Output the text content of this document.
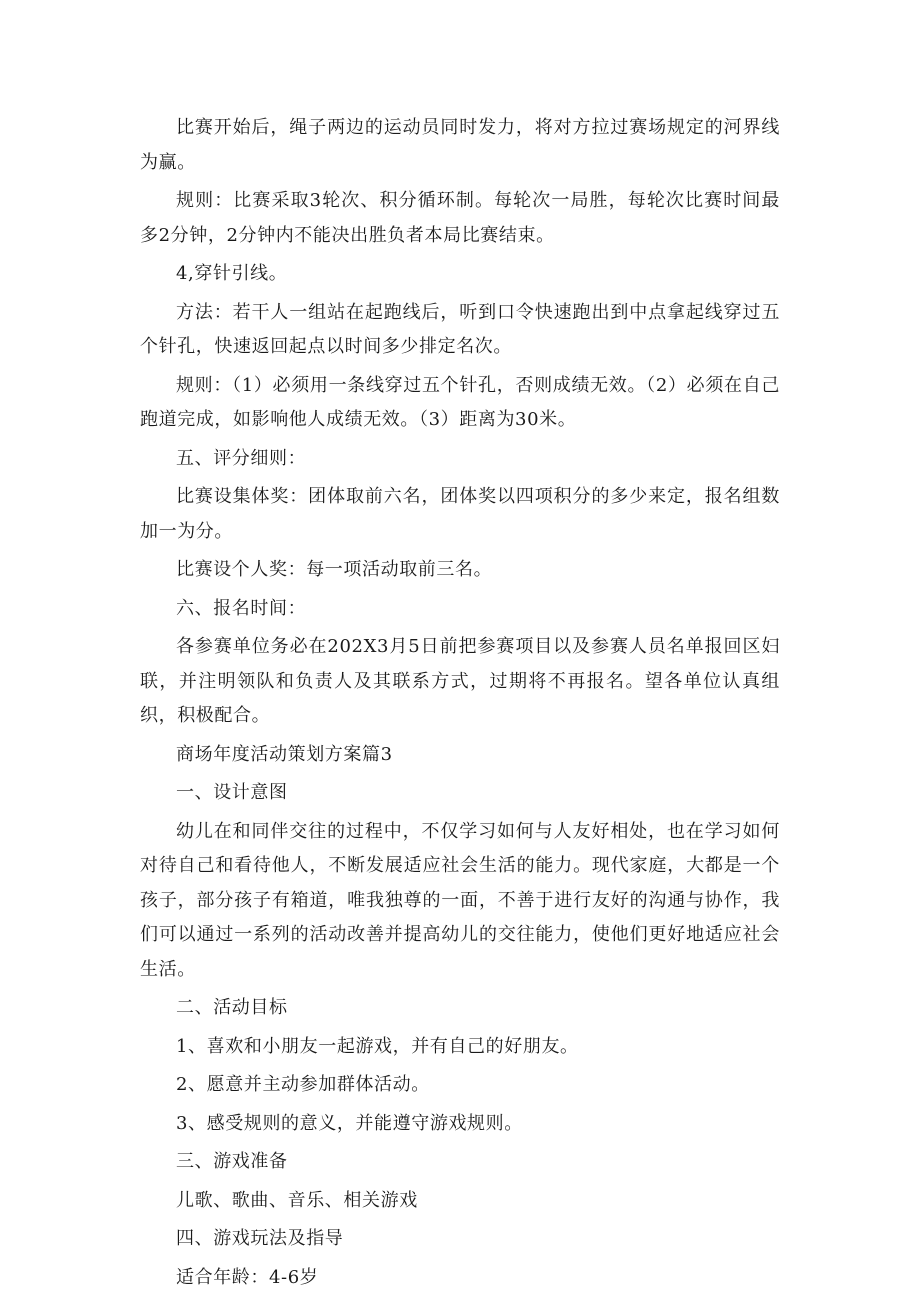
比赛开始后，绳子两边的运动员同时发力，将对方拉过赛场规定的河界线为赢。

规则：比赛采取3轮次、积分循环制。每轮次一局胜，每轮次比赛时间最多2分钟，2分钟内不能决出胜负者本局比赛结束。

4,穿针引线。

方法：若干人一组站在起跑线后，听到口令快速跑出到中点拿起线穿过五个针孔，快速返回起点以时间多少排定名次。

规则：（1）必须用一条线穿过五个针孔，否则成绩无效。（2）必须在自己跑道完成，如影响他人成绩无效。（3）距离为30米。

五、评分细则：

比赛设集体奖：团体取前六名，团体奖以四项积分的多少来定，报名组数加一为分。

比赛设个人奖：每一项活动取前三名。

六、报名时间：

各参赛单位务必在202X3月5日前把参赛项目以及参赛人员名单报回区妇联，并注明领队和负责人及其联系方式，过期将不再报名。望各单位认真组织，积极配合。

商场年度活动策划方案篇3

一、设计意图

幼儿在和同伴交往的过程中，不仅学习如何与人友好相处，也在学习如何对待自己和看待他人，不断发展适应社会生活的能力。现代家庭，大都是一个孩子，部分孩子有箱道，唯我独尊的一面，不善于进行友好的沟通与协作，我们可以通过一系列的活动改善并提高幼儿的交往能力，使他们更好地适应社会生活。

二、活动目标

1、喜欢和小朋友一起游戏，并有自己的好朋友。

2、愿意并主动参加群体活动。

3、感受规则的意义，并能遵守游戏规则。

三、游戏准备

儿歌、歌曲、音乐、相关游戏

四、游戏玩法及指导

适合年龄：4-6岁
